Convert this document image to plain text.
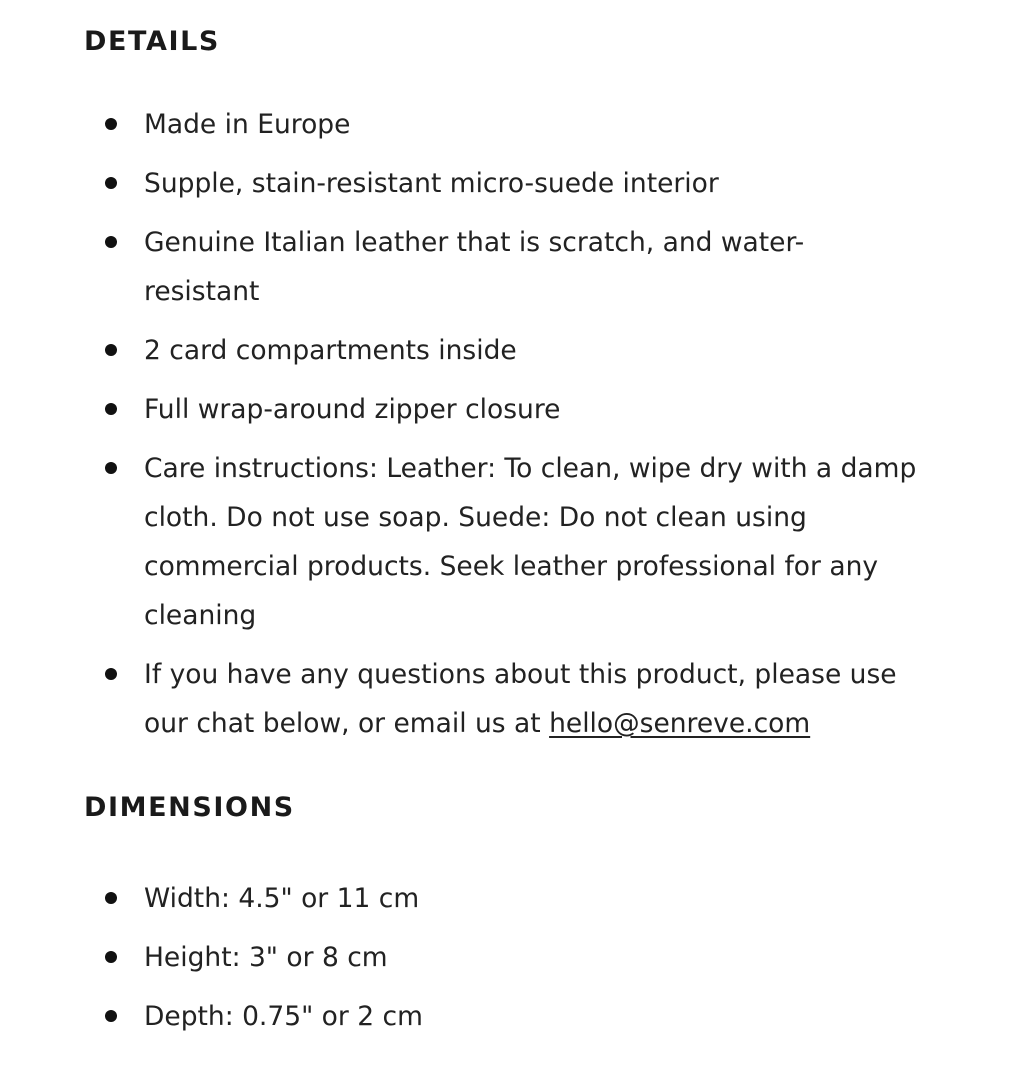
DETAILS
Made in Europe
Supple, stain-resistant micro-suede interior
Genuine Italian leather that is scratch, and water-resistant
2 card compartments inside
Full wrap-around zipper closure
Care instructions: Leather: To clean, wipe dry with a damp cloth. Do not use soap. Suede: Do not clean using commercial products. Seek leather professional for any cleaning
If you have any questions about this product, please use our chat below, or email us at hello@senreve.com
DIMENSIONS
Width: 4.5" or 11 cm
Height: 3" or 8 cm
Depth: 0.75" or 2 cm
